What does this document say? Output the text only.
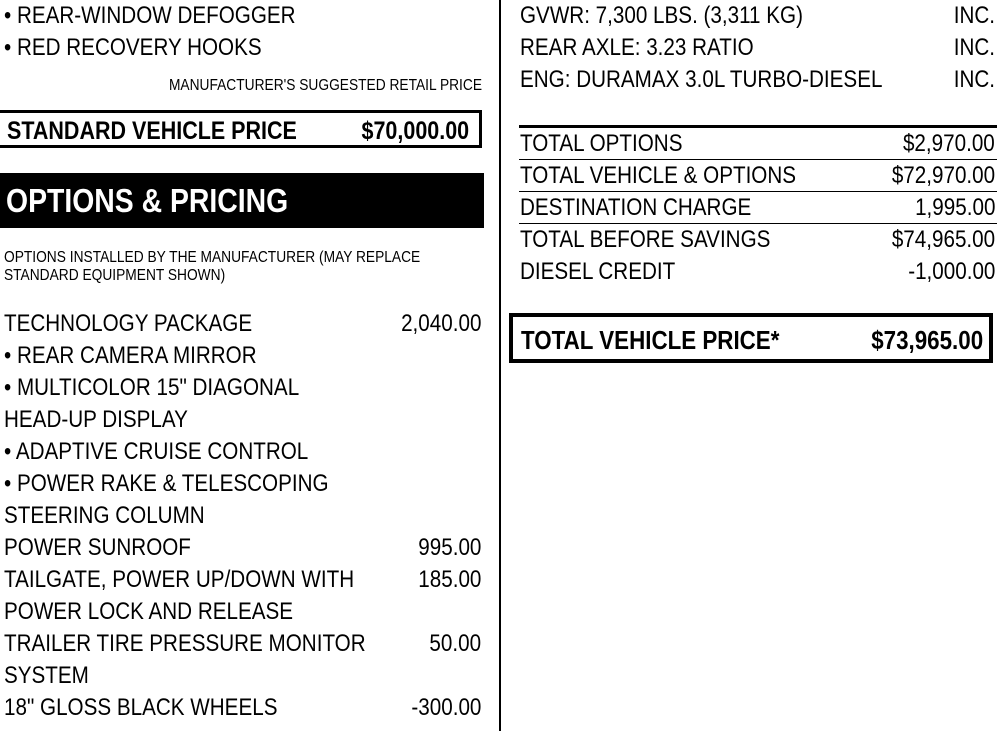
• REAR-WINDOW DEFOGGER
• RED RECOVERY HOOKS
MANUFACTURER'S SUGGESTED RETAIL PRICE
STANDARD VEHICLE PRICE	$70,000.00
OPTIONS & PRICING
OPTIONS INSTALLED BY THE MANUFACTURER (MAY REPLACE
STANDARD EQUIPMENT SHOWN)
TECHNOLOGY PACKAGE	2,040.00
• REAR CAMERA MIRROR
• MULTICOLOR 15" DIAGONAL
HEAD-UP DISPLAY
• ADAPTIVE CRUISE CONTROL
• POWER RAKE & TELESCOPING
STEERING COLUMN
POWER SUNROOF	995.00
TAILGATE, POWER UP/DOWN WITH	185.00
POWER LOCK AND RELEASE
TRAILER TIRE PRESSURE MONITOR	50.00
SYSTEM
18" GLOSS BLACK WHEELS	-300.00
GVWR: 7,300 LBS. (3,311 KG)	INC.
REAR AXLE: 3.23 RATIO	INC.
ENG: DURAMAX 3.0L TURBO-DIESEL	INC.
TOTAL OPTIONS	$2,970.00
TOTAL VEHICLE & OPTIONS	$72,970.00
DESTINATION CHARGE	1,995.00
TOTAL BEFORE SAVINGS	$74,965.00
DIESEL CREDIT	-1,000.00
TOTAL VEHICLE PRICE*	$73,965.00
